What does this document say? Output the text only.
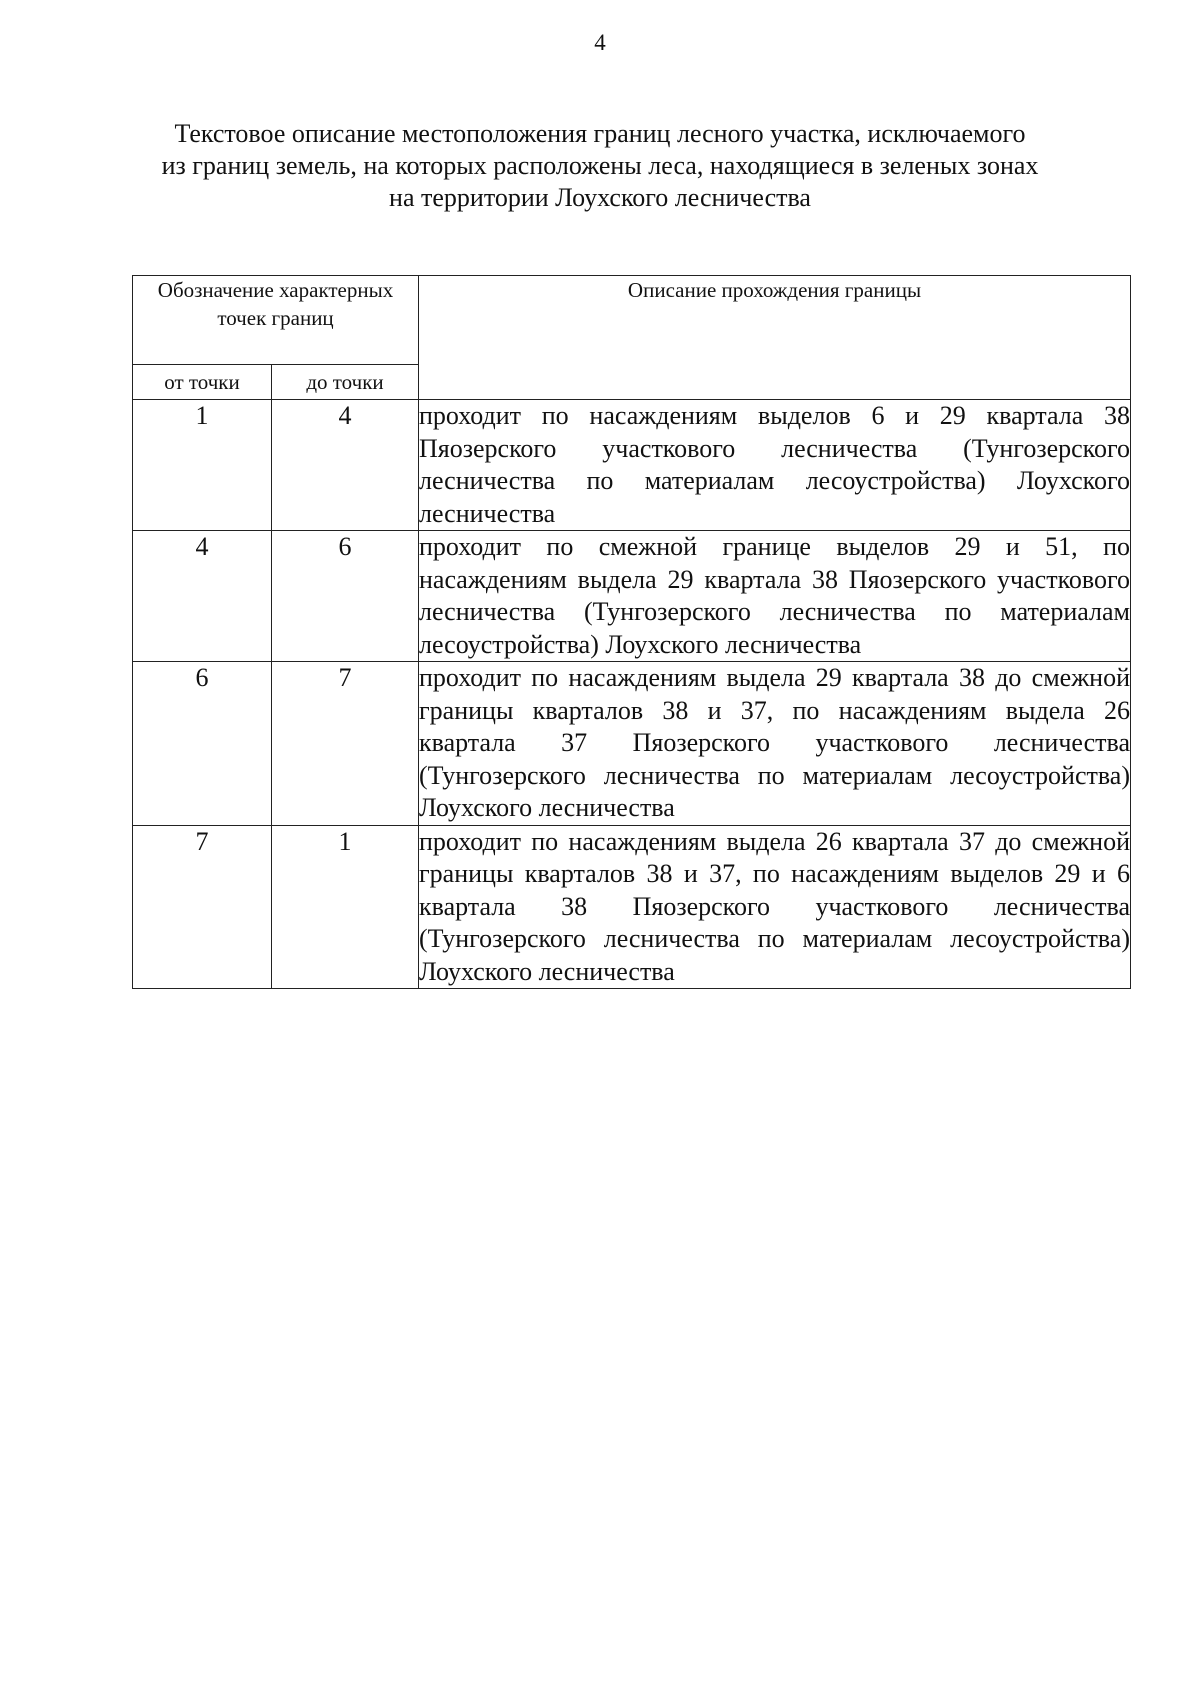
4
Текстовое описание местоположения границ лесного участка, исключаемого
из границ земель, на которых расположены леса, находящиеся в зеленых зонах
на территории Лоухского лесничества
Обозначение характерных точек границ		Описание прохождения границы
от точки	до точки	
1	4	проходит по насаждениям выделов 6 и 29 квартала 38 Пяозерского участкового лесничества (Тунгозерского лесничества по материалам лесоустройства) Лоухского лесничества
4	6	проходит по смежной границе выделов 29 и 51, по насаждениям выдела 29 квартала 38 Пяозерского участкового лесничества (Тунгозерского лесничества по материалам лесоустройства) Лоухского лесничества
6	7	проходит по насаждениям выдела 29 квартала 38 до смежной границы кварталов 38 и 37, по насаждениям выдела 26 квартала 37 Пяозерского участкового лесничества (Тунгозерского лесничества по материалам лесоустройства) Лоухского лесничества
7	1	проходит по насаждениям выдела 26 квартала 37 до смежной границы кварталов 38 и 37, по насаждениям выделов 29 и 6 квартала 38 Пяозерского участкового лесничества (Тунгозерского лесничества по материалам лесоустройства) Лоухского лесничества
